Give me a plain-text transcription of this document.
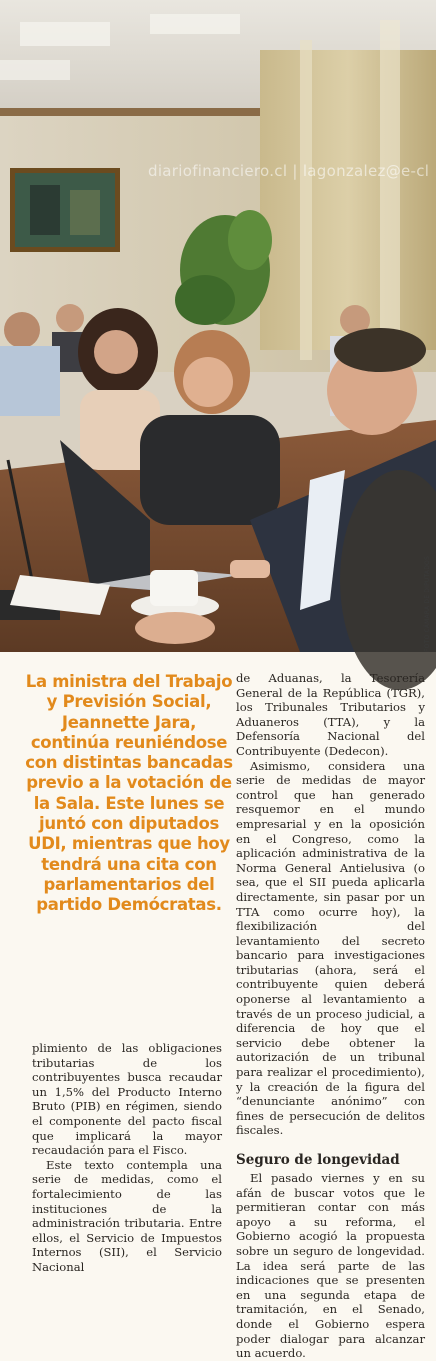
diariofinanciero.cl | lagonzalez@e-cl
FOTO CÁMARA DE DIPUTADOS
La ministra del Trabajo y Previsión Social, Jeannette Jara, continúa reuniéndose con distintas bancadas previo a la votación de la Sala. Este lunes se juntó con diputados UDI, mientras que hoy tendrá una cita con parlamentarios del partido Demócratas.

plimiento de las obligaciones tributarias de los contribuyentes busca recaudar un 1,5% del Producto Interno Bruto (PIB) en régimen, siendo el componente del pacto fiscal que implicará la mayor recaudación para el Fisco.

Este texto contempla una serie de medidas, como el fortalecimiento de las instituciones de la administración tributaria. Entre ellos, el Servicio de Impuestos Internos (SII), el Servicio Nacional

de Aduanas, la Tesorería General de la República (TGR), los Tribunales Tributarios y Aduaneros (TTA), y la Defensoría Nacional del Contribuyente (Dedecon).

Asimismo, considera una serie de medidas de mayor control que han generado resquemor en el mundo empresarial y en la oposición en el Congreso, como la aplicación administrativa de la Norma General Antielusiva (o sea, que el SII pueda aplicarla directamente, sin pasar por un TTA como ocurre hoy), la flexibilización del levantamiento del secreto bancario para investigaciones tributarias (ahora, será el contribuyente quien deberá oponerse al levantamiento a través de un proceso judicial, a diferencia de hoy que el servicio debe obtener la autorización de un tribunal para realizar el procedimiento), y la creación de la figura del “denunciante anónimo” con fines de persecución de delitos fiscales.

Seguro de longevidad

El pasado viernes y en su afán de buscar votos que le permitieran contar con más apoyo a su reforma, el Gobierno acogió la propuesta sobre un seguro de longevidad. La idea será parte de las indicaciones que se presenten en una segunda etapa de tramitación, en el Senado, donde el Gobierno espera poder dialogar para alcanzar un acuerdo.
